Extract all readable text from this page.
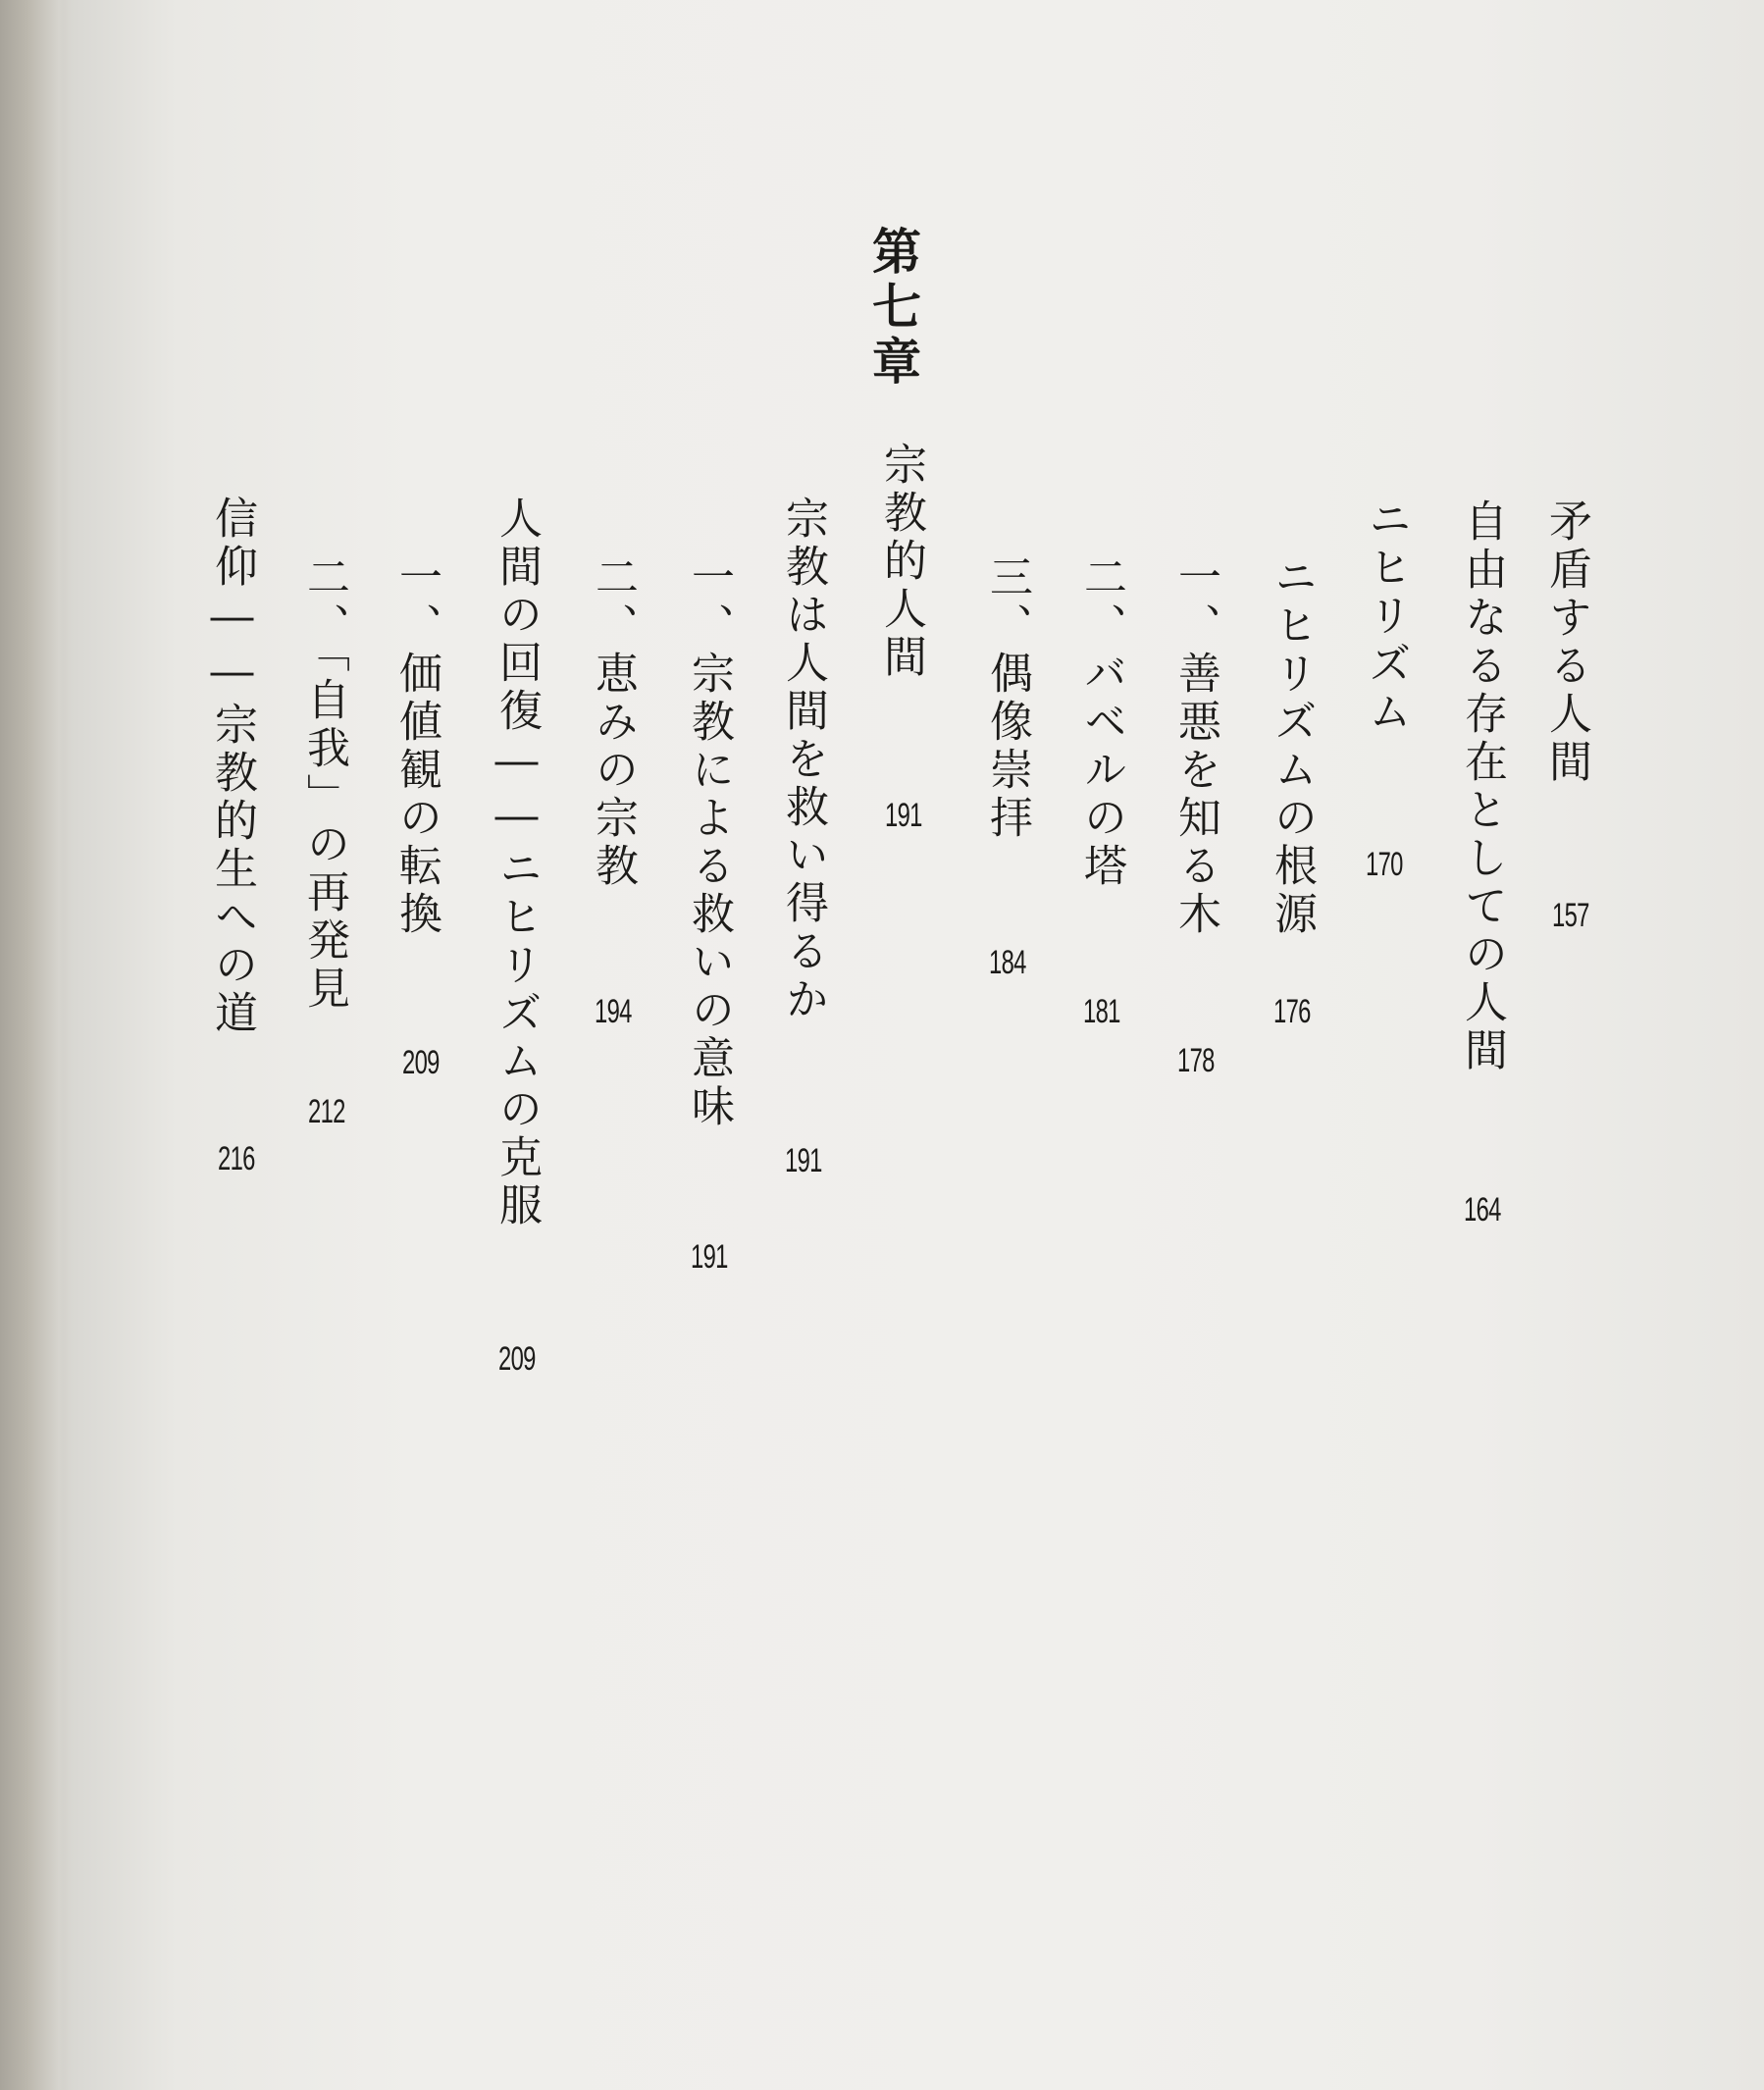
矛盾する人間
157
自由なる存在としての人間
164
ニヒリズム
170
ニヒリズムの根源
176
一、善悪を知る木
178
二、バベルの塔
181
三、偶像崇拝
184
第七章
宗教的人間
191
宗教は人間を救い得るか
191
一、宗教による救いの意味
191
二、恵みの宗教
194
人間の回復――ニヒリズムの克服
209
一、価値観の転換
209
二、「自我」の再発見
212
信仰――宗教的生への道
216
